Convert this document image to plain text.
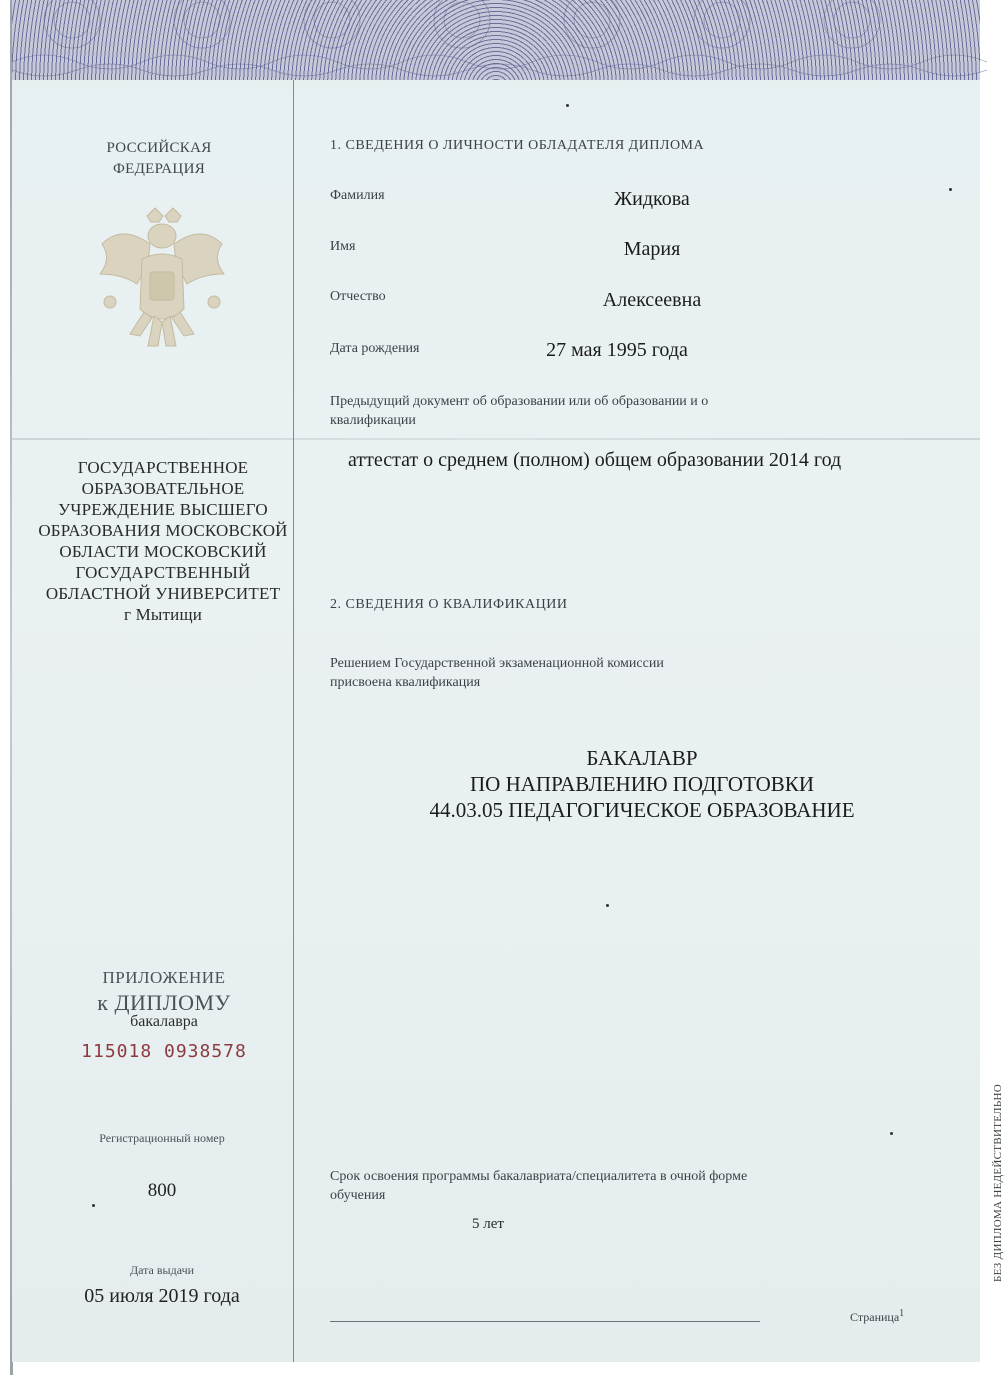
РОССИЙСКАЯ ФЕДЕРАЦИЯ
ГОСУДАРСТВЕННОЕ ОБРАЗОВАТЕЛЬНОЕ УЧРЕЖДЕНИЕ ВЫСШЕГО ОБРАЗОВАНИЯ МОСКОВСКОЙ ОБЛАСТИ МОСКОВСКИЙ ГОСУДАРСТВЕННЫЙ ОБЛАСТНОЙ УНИВЕРСИТЕТ
г Мытищи
ПРИЛОЖЕНИЕ
к ДИПЛОМУ
бакалавра
115018 0938578
Регистрационный номер
800
Дата выдачи
05 июля 2019 года
1. СВЕДЕНИЯ О ЛИЧНОСТИ ОБЛАДАТЕЛЯ ДИПЛОМА
Фамилия	Жидкова
Имя	Мария
Отчество	Алексеевна
Дата рождения	27 мая 1995 года
Предыдущий документ об образовании или об образовании и о квалификации
аттестат о среднем (полном) общем образовании 2014 год
2. СВЕДЕНИЯ О КВАЛИФИКАЦИИ
Решением Государственной экзаменационной комиссии присвоена квалификация
БАКАЛАВР
ПО НАПРАВЛЕНИЮ ПОДГОТОВКИ
44.03.05 ПЕДАГОГИЧЕСКОЕ ОБРАЗОВАНИЕ
Срок освоения программы бакалавриата/специалитета в очной форме обучения
5 лет
Страница$^1$
БЕЗ ДИПЛОМА НЕДЕЙСТВИТЕЛЬНО
